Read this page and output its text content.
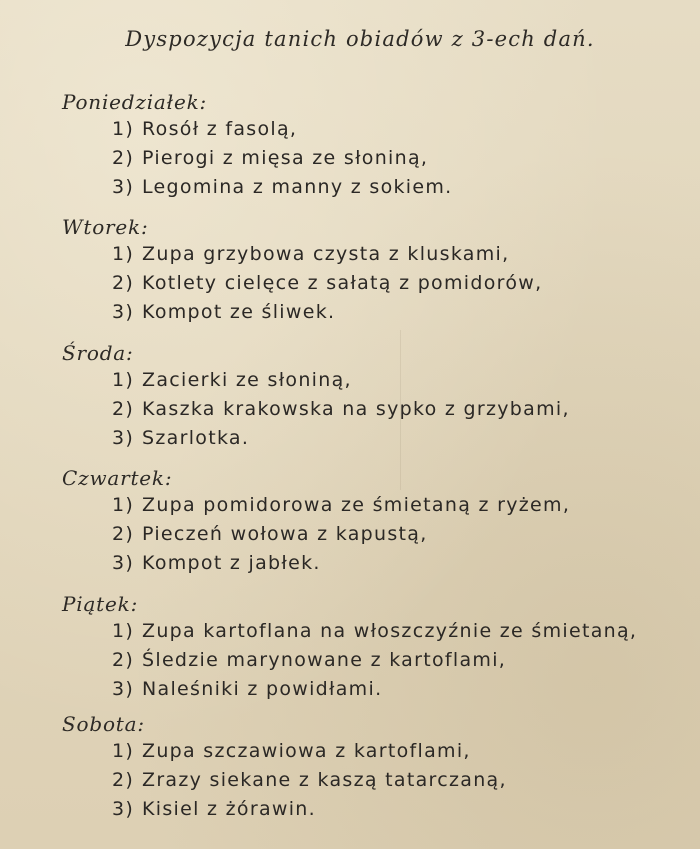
Dyspozycja tanich obiadów z 3-ech dań.
Poniedziałek:
1) Rosół z fasolą,
2) Pierogi z mięsa ze słoniną,
3) Legomina z manny z sokiem.
Wtorek:
1) Zupa grzybowa czysta z kluskami,
2) Kotlety cielęce z sałatą z pomidorów,
3) Kompot ze śliwek.
Środa:
1) Zacierki ze słoniną,
2) Kaszka krakowska na sypko z grzybami,
3) Szarlotka.
Czwartek:
1) Zupa pomidorowa ze śmietaną z ryżem,
2) Pieczeń wołowa z kapustą,
3) Kompot z jabłek.
Piątek:
1) Zupa kartoflana na włoszczyźnie ze śmietaną,
2) Śledzie marynowane z kartoflami,
3) Naleśniki z powidłami.
Sobota:
1) Zupa szczawiowa z kartoflami,
2) Zrazy siekane z kaszą tatarczaną,
3) Kisiel z żórawin.
